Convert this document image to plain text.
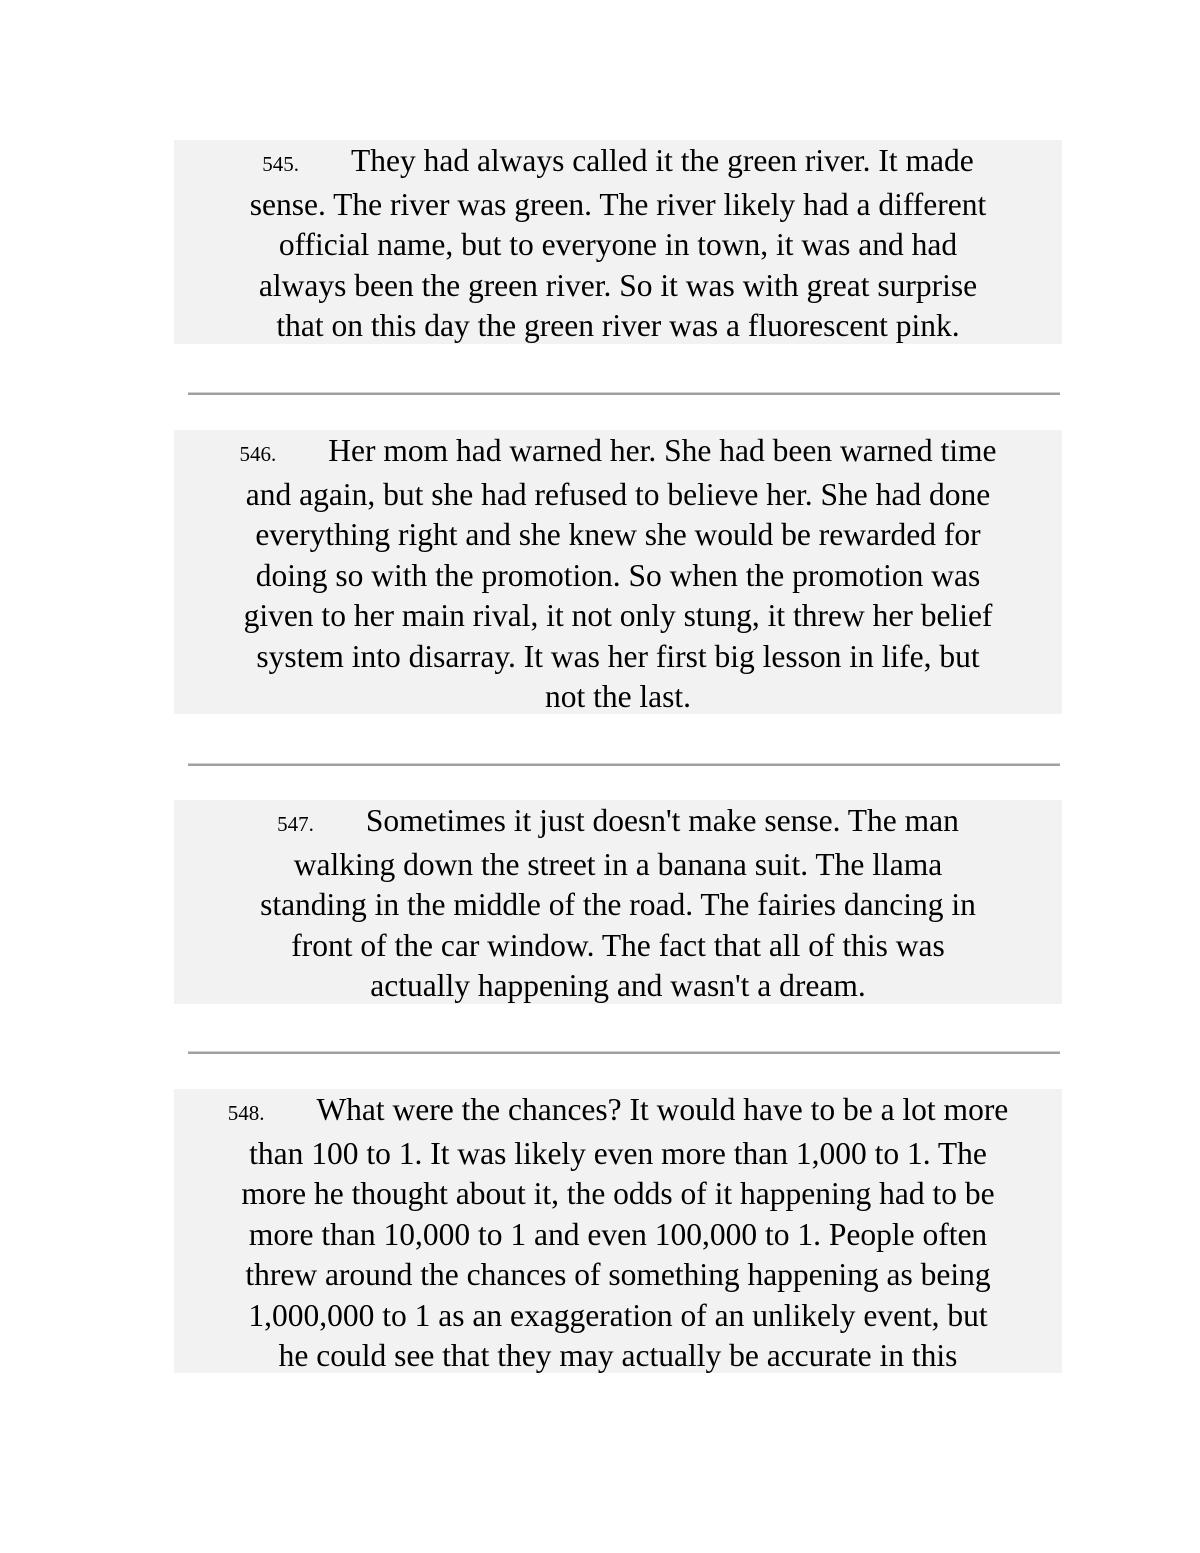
545. They had always called it the green river. It made
sense. The river was green. The river likely had a different
official name, but to everyone in town, it was and had
always been the green river. So it was with great surprise
that on this day the green river was a fluorescent pink.
546. Her mom had warned her. She had been warned time
and again, but she had refused to believe her. She had done
everything right and she knew she would be rewarded for
doing so with the promotion. So when the promotion was
given to her main rival, it not only stung, it threw her belief
system into disarray. It was her first big lesson in life, but
not the last.
547. Sometimes it just doesn't make sense. The man
walking down the street in a banana suit. The llama
standing in the middle of the road. The fairies dancing in
front of the car window. The fact that all of this was
actually happening and wasn't a dream.
548. What were the chances? It would have to be a lot more
than 100 to 1. It was likely even more than 1,000 to 1. The
more he thought about it, the odds of it happening had to be
more than 10,000 to 1 and even 100,000 to 1. People often
threw around the chances of something happening as being
1,000,000 to 1 as an exaggeration of an unlikely event, but
he could see that they may actually be accurate in this
